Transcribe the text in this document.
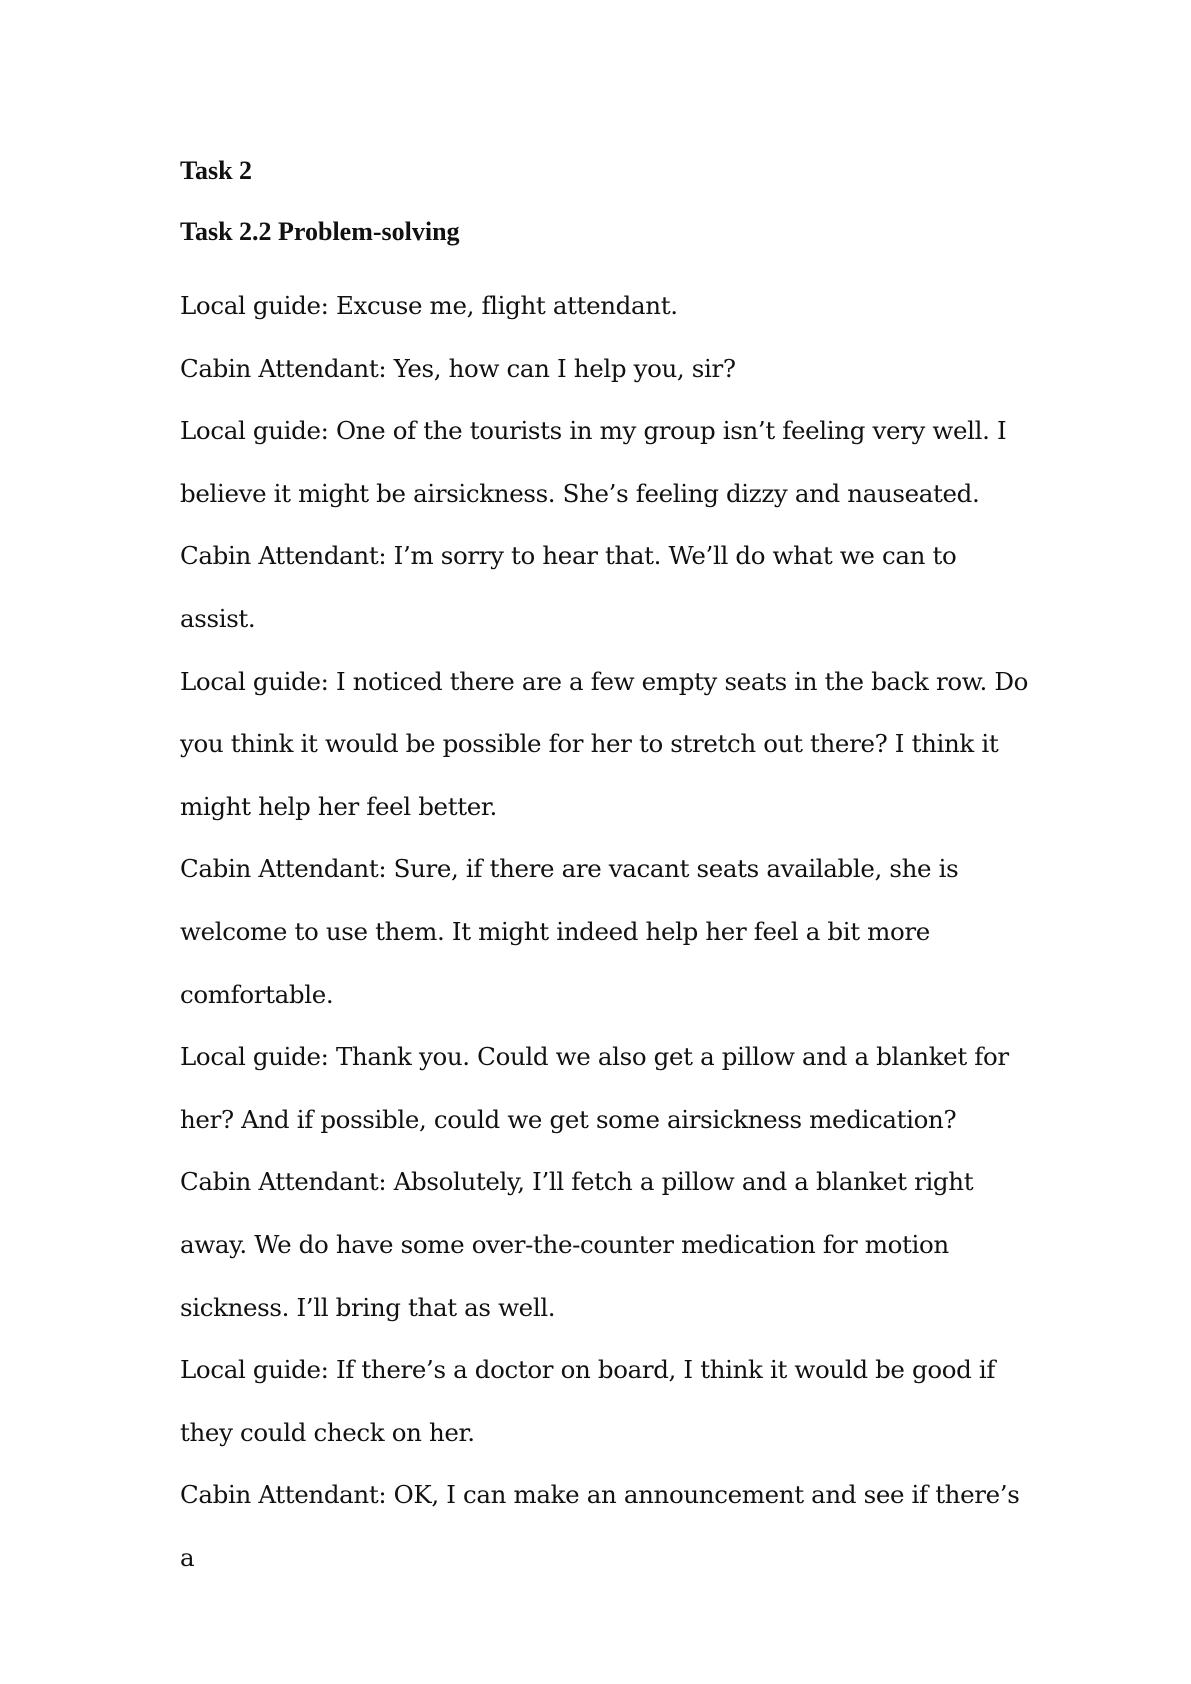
Task 2
Task 2.2 Problem-solving

Local guide: Excuse me, flight attendant.

Cabin Attendant: Yes, how can I help you, sir?

Local guide: One of the tourists in my group isn’t feeling very well. I believe it might be airsickness. She’s feeling dizzy and nauseated.

Cabin Attendant: I’m sorry to hear that. We’ll do what we can to assist.

Local guide: I noticed there are a few empty seats in the back row. Do you think it would be possible for her to stretch out there? I think it might help her feel better.

Cabin Attendant: Sure, if there are vacant seats available, she is welcome to use them. It might indeed help her feel a bit more comfortable.

Local guide: Thank you. Could we also get a pillow and a blanket for her? And if possible, could we get some airsickness medication?

Cabin Attendant: Absolutely, I’ll fetch a pillow and a blanket right away. We do have some over-the-counter medication for motion sickness. I’ll bring that as well.

Local guide: If there’s a doctor on board, I think it would be good if they could check on her.

Cabin Attendant: OK, I can make an announcement and see if there’s a
